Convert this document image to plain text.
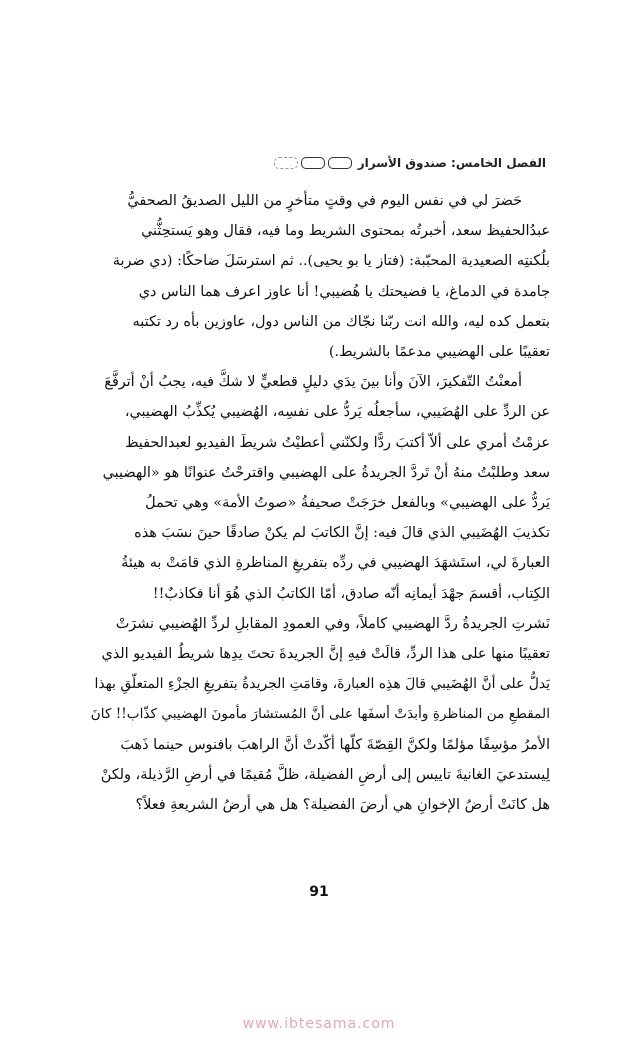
الفصل الخامس: صندوق الأسرار

حَضرَ لي في نفس اليوم في وقتٍ متأخرٍ من الليل الصديقُ الصحفيُّ
عبدُالحفيظ سعد، أخبرتُه بمحتوى الشريط وما فيه، فقال وهو يَستحِثُّني
بلُكنتِه الصعيدية المحبّبة: (فتاز يا بو يحيى).. ثم استرسَلَ ضاحكًا: (دي ضربة
جامدة في الدماغ، يا فضيحتك يا هُضيبي! أنا عاوز اعرف هما الناس دي
بتعمل كده ليه، والله انت ربّنا نجّاك من الناس دول، عاوزين بأه رد تكتبه
تعقيبًا على الهضيبي مدعمًا بالشريط.)

أمعنْتُ التّفكيرَ، الآنَ وأنا بينَ يدَي دليلٍ قطعيٍّ لا شكَّ فيه، يجبُ أنْ أترفَّعَ
عن الردِّ على الهُضَيبي، سأجعلُه يَردُّ على نفسِه، الهُضيبي يُكذِّبُ الهضيبي،
عزمْتُ أمري على ألاّ أكتبَ ردًّا ولكنّني أعطيْتُ شريطَ الفيديو لعبدالحفيظ
سعد وطلبْتُ منهُ أنْ تَردَّ الجريدةُ على الهضيبي واقترحْتُ عنوانًا هو «الهضيبي
يَردُّ على الهضيبي» وبالفعل خرَجَتْ صحيفةُ «صوتُ الأمة» وهي تحملُ
تكذيبَ الهُضَيبي الذي قالَ فيه: إنَّ الكاتبَ لم يكنْ صادقًا حينَ نسَبَ هذه
العبارةَ لي، استَشهَدَ الهضيبي في ردِّه بتفريغِ المناظرةِ الذي قامَتْ به هيئةُ
الكِتاب، أقسمَ جهْدَ أيمانِه أنّه صادق، أمّا الكاتبُ الذي هُوَ أنا فكاذبٌ!!
نَشرتِ الجريدةُ ردَّ الهضيبي كاملاً، وفي العمودِ المقابلِ لردِّ الهُضيبي نشرَتْ
تعقيبًا منها على هذا الردِّ، قالَتْ فيهِ إنَّ الجريدةَ تحتَ يدِها شريطُ الفيديو الذي
يَدلُّ على أنَّ الهُضَيبي قالَ هذِه العبارةَ، وقامَتِ الجريدةُ بتفريغِ الجزْءِ المتعلّقِ بهذا
المقطعِ من المناظرةِ وأبدَتْ أسفَها على أنَّ المُستشارَ مأمونَ الهضيبي كذّاب!! كانَ
الأمرُ مؤسِفًا مؤلمًا ولكنَّ القِصّةَ كلّها أكّدتْ أنَّ الراهبَ بافنوس حينما ذَهبَ
لِيستدعيَ الغانيةَ تاييس إلى أرضِ الفضيلة، ظلَّ مُقيمًا في أرضِ الرَّذيلة، ولكنْ
هل كانَتْ أرضُ الإخوانِ هي أرضَ الفضيلة؟ هل هي أرضُ الشريعةِ فعلاً؟

91
www.ibtesama.com
